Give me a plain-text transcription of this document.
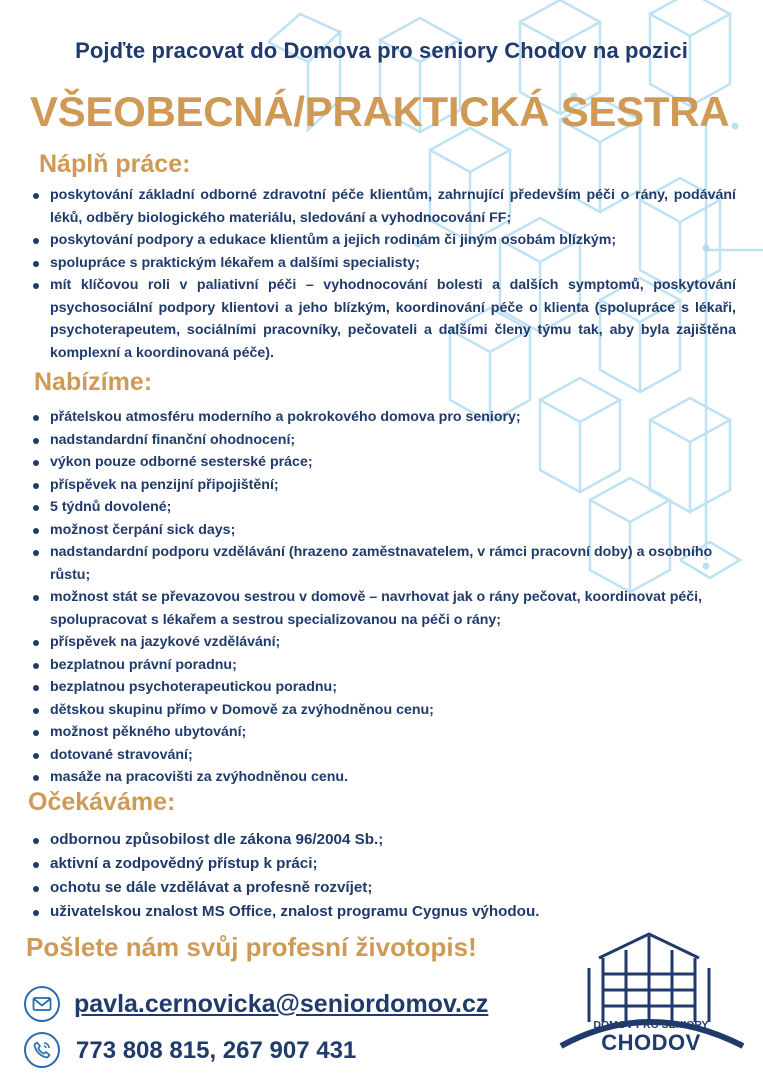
Pojďte pracovat do Domova pro seniory Chodov na pozici
VŠEOBECNÁ/PRAKTICKÁ SESTRA
Náplň práce:
poskytování základní odborné zdravotní péče klientům, zahrnující především péči o rány, podávání léků, odběry biologického materiálu, sledování a vyhodnocování FF;
poskytování podpory a edukace klientům a jejich rodinám či jiným osobám blízkým;
spolupráce s praktickým lékařem a dalšími specialisty;
mít klíčovou roli v paliativní péči – vyhodnocování bolesti a dalších symptomů, poskytování psychosociální podpory klientovi a jeho blízkým, koordinování péče o klienta (spolupráce s lékaři, psychoterapeutem, sociálními pracovníky, pečovateli a dalšími členy týmu tak, aby byla zajištěna komplexní a koordinovaná péče).
Nabízíme:
přátelskou atmosféru moderního a pokrokového domova pro seniory;
nadstandardní finanční ohodnocení;
výkon pouze odborné sesterské práce;
příspěvek na penzijní připojištění;
5 týdnů dovolené;
možnost čerpání sick days;
nadstandardní podporu vzdělávání (hrazeno zaměstnavatelem, v rámci pracovní doby) a osobního růstu;
možnost stát se převazovou sestrou v domově – navrhovat jak o rány pečovat, koordinovat péči, spolupracovat s lékařem a sestrou specializovanou na péči o rány;
příspěvek na jazykové vzdělávání;
bezplatnou právní poradnu;
bezplatnou psychoterapeutickou poradnu;
dětskou skupinu přímo v Domově za zvýhodněnou cenu;
možnost pěkného ubytování;
dotované stravování;
masáže na pracovišti za zvýhodněnou cenu.
Očekáváme:
odbornou způsobilost dle zákona 96/2004 Sb.;
aktivní a zodpovědný přístup k práci;
ochotu se dále vzdělávat a profesně rozvíjet;
uživatelskou znalost MS Office, znalost programu Cygnus výhodou.
Pošlete nám svůj profesní životopis!
pavla.cernovicka@seniordomov.cz
773 808 815, 267 907 431
DOMOV PRO SENIORY
CHODOV
